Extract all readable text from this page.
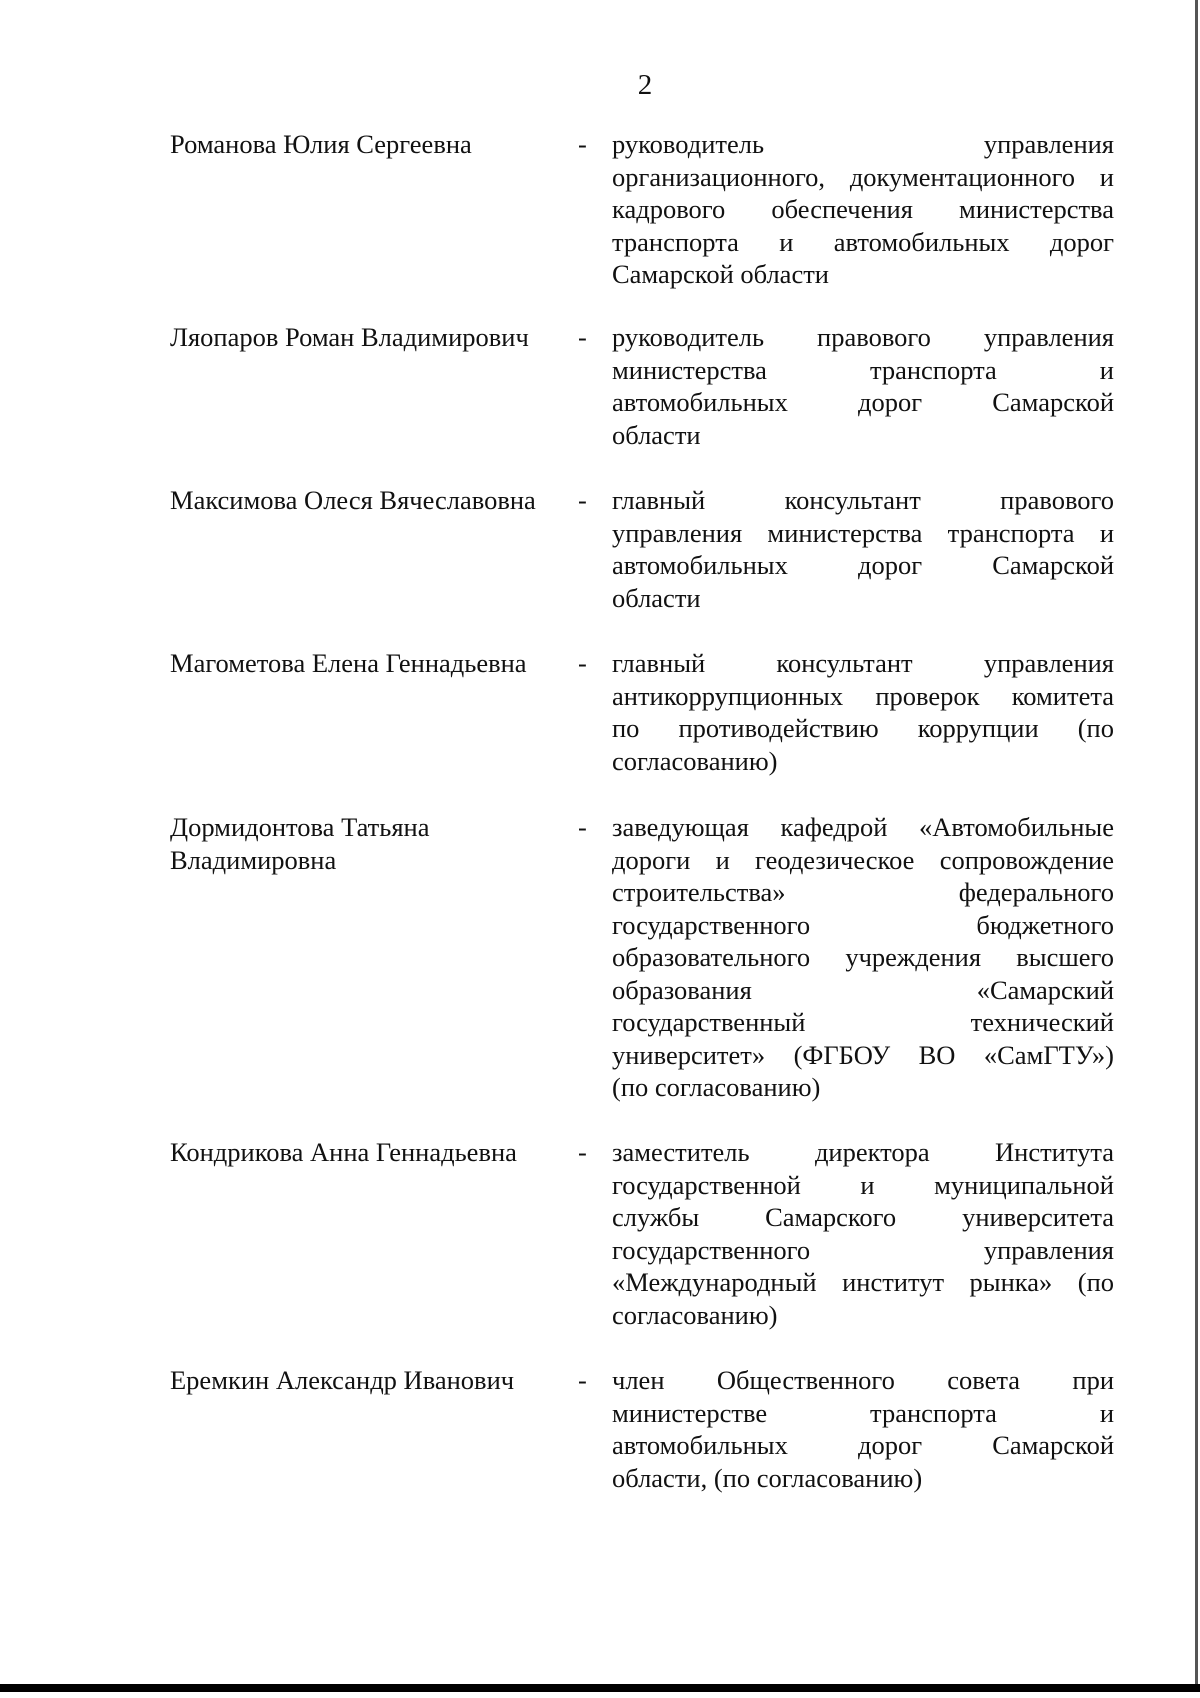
2
Романова Юлия Сергеевна	- руководитель управления
организационного, документационного и
кадрового обеспечения министерства
транспорта и автомобильных дорог
Самарской области
Ляопаров Роман Владимирович	- руководитель правового управления
министерства транспорта и
автомобильных дорог Самарской
области
Максимова Олеся Вячеславовна	- главный консультант правового
управления министерства транспорта и
автомобильных дорог Самарской
области
Магометова Елена Геннадьевна	- главный консультант управления
антикоррупционных проверок комитета
по противодействию коррупции (по
согласованию)
Дормидонтова Татьяна Владимировна
- заведующая кафедрой «Автомобильные
дороги и геодезическое сопровождение
строительства» федерального
государственного бюджетного
образовательного учреждения высшего
образования «Самарский
государственный технический
университет» (ФГБОУ ВО «СамГТУ»)
(по согласованию)
Кондрикова Анна Геннадьевна	- заместитель директора Института
государственной и муниципальной
службы Самарского университета
государственного управления
«Международный институт рынка» (по
согласованию)
Еремкин Александр Иванович	- член Общественного совета при
министерстве транспорта и
автомобильных дорог Самарской
области, (по согласованию)
